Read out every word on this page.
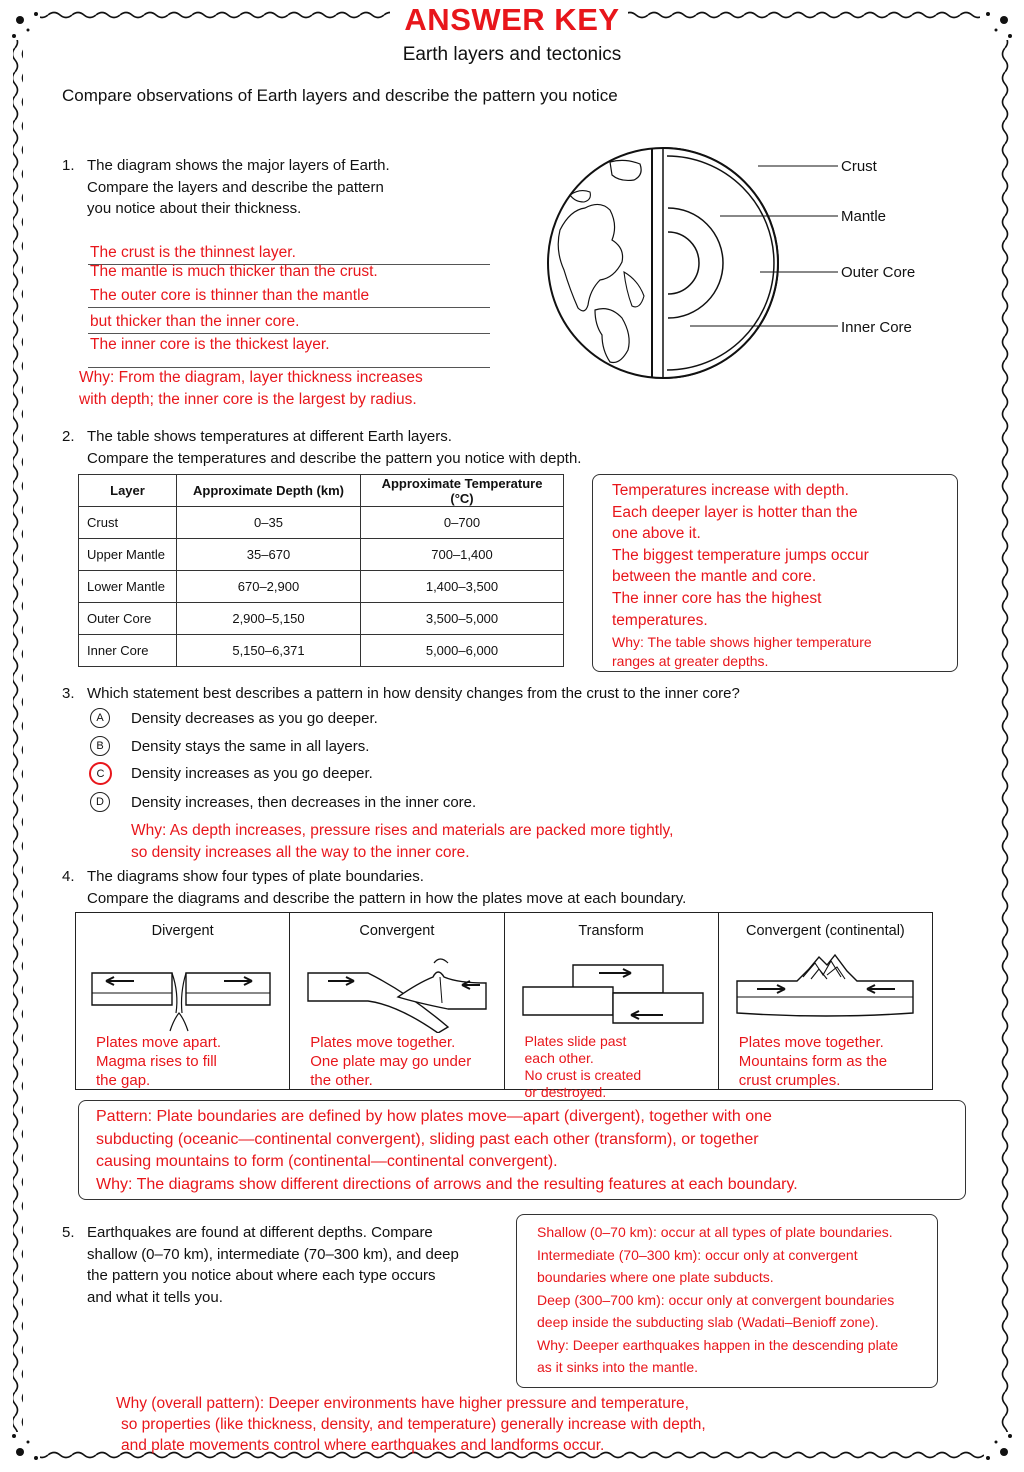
ANSWER KEY
Earth layers and tectonics
Compare observations of Earth layers and describe the pattern you notice
1. The diagram shows the major layers of Earth.
Compare the layers and describe the pattern
you notice about their thickness.
The crust is the thinnest layer.
The mantle is much thicker than the crust.
The outer core is thinner than the mantle
but thicker than the inner core.
The inner core is the thickest layer.
Why: From the diagram, layer thickness increases
with depth; the inner core is the largest by radius.
Crust
Mantle
Outer Core
Inner Core
2. The table shows temperatures at different Earth layers.
Compare the temperatures and describe the pattern you notice with depth.
Layer	Approximate Depth (km)	Approximate Temperature (°C)
Crust	0–35	0–700
Upper Mantle	35–670	700–1,400
Lower Mantle	670–2,900	1,400–3,500
Outer Core	2,900–5,150	3,500–5,000
Inner Core	5,150–6,371	5,000–6,000
Temperatures increase with depth.
Each deeper layer is hotter than the
one above it.
The biggest temperature jumps occur
between the mantle and core.
The inner core has the highest
temperatures.
Why: The table shows higher temperature
ranges at greater depths.
3. Which statement best describes a pattern in how density changes from the crust to the inner core?
A	Density decreases as you go deeper.
B	Density stays the same in all layers.
C	Density increases as you go deeper.
D	Density increases, then decreases in the inner core.
Why: As depth increases, pressure rises and materials are packed more tightly,
so density increases all the way to the inner core.
4. The diagrams show four types of plate boundaries.
Compare the diagrams and describe the pattern in how the plates move at each boundary.
Divergent
Plates move apart.
Magma rises to fill
the gap.
Convergent
Plates move together.
One plate may go under
the other.
Transform
Plates slide past
each other.
No crust is created
or destroyed.
Convergent (continental)
Plates move together.
Mountains form as the
crust crumples.
Pattern: Plate boundaries are defined by how plates move—apart (divergent), together with one
subducting (oceanic—continental convergent), sliding past each other (transform), or together
causing mountains to form (continental—continental convergent).
Why: The diagrams show different directions of arrows and the resulting features at each boundary.
5. Earthquakes are found at different depths. Compare
shallow (0–70 km), intermediate (70–300 km), and deep
the pattern you notice about where each type occurs
and what it tells you.
Shallow (0–70 km): occur at all types of plate boundaries.
Intermediate (70–300 km): occur only at convergent
boundaries where one plate subducts.
Deep (300–700 km): occur only at convergent boundaries
deep inside the subducting slab (Wadati–Benioff zone).
Why: Deeper earthquakes happen in the descending plate
as it sinks into the mantle.
Why (overall pattern): Deeper environments have higher pressure and temperature,
so properties (like thickness, density, and temperature) generally increase with depth,
and plate movements control where earthquakes and landforms occur.
